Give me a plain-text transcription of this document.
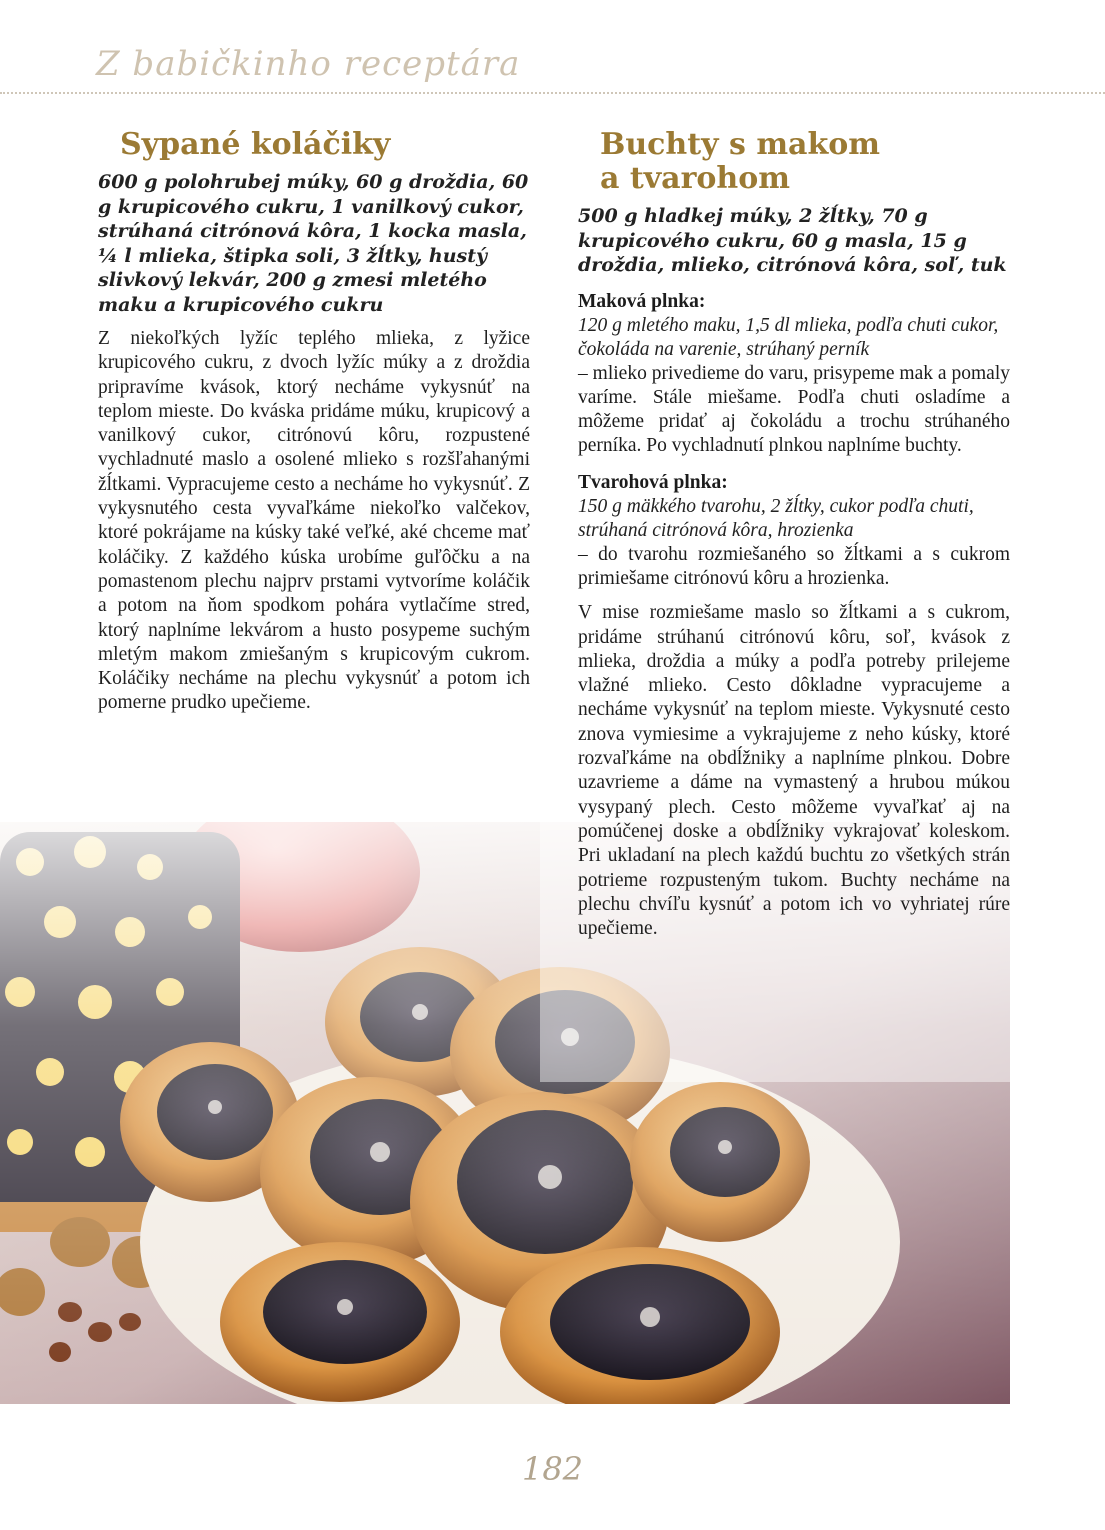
Z babičkinho receptára
Sypané koláčiky

600 g polohrubej múky, 60 g droždia, 60 g krupicového cukru, 1 vanilkový cukor, strúhaná citrónová kôra, 1 kocka masla, ¼ l mlieka, štipka soli, 3 žĺtky, hustý slivkový lekvár, 200 g zmesi mletého maku a krupicového cukru

Z niekoľkých lyžíc teplého mlieka, z lyžice krupicového cukru, z dvoch lyžíc múky a z droždia pripravíme kvások, ktorý necháme vykysnúť na teplom mieste. Do kváska pridáme múku, krupicový a vanilkový cukor, citrónovú kôru, rozpustené vychladnuté maslo a osolené mlieko s rozšľahanými žĺtkami. Vypracujeme cesto a necháme ho vykysnúť. Z vykysnutého cesta vyvaľkáme niekoľko valčekov, ktoré pokrájame na kúsky také veľké, aké chceme mať koláčiky. Z každého kúska urobíme guľôčku a na pomastenom plechu najprv prstami vytvoríme koláčik a potom na ňom spodkom pohára vytlačíme stred, ktorý naplníme lekvárom a husto posypeme suchým mletým makom zmiešaným s krupicovým cukrom. Koláčiky necháme na plechu vykysnúť a potom ich pomerne prudko upečieme.

Buchty s makom
a tvarohom

500 g hladkej múky, 2 žĺtky, 70 g krupicového cukru, 60 g masla, 15 g droždia, mlieko, citrónová kôra, soľ, tuk

Maková plnka:

120 g mletého maku, 1,5 dl mlieka, podľa chuti cukor, čokoláda na varenie, strúhaný perník

– mlieko privedieme do varu, prisypeme mak a pomaly varíme. Stále miešame. Podľa chuti osladíme a môžeme pridať aj čokoládu a trochu strúhaného perníka. Po vychladnutí plnkou naplníme buchty.

Tvarohová plnka:

150 g mäkkého tvarohu, 2 žĺtky, cukor podľa chuti, strúhaná citrónová kôra, hrozienka

– do tvarohu rozmiešaného so žĺtkami a s cukrom primiešame citrónovú kôru a hrozienka.

V mise rozmiešame maslo so žĺtkami a s cukrom, pridáme strúhanú citrónovú kôru, soľ, kvások z mlieka, droždia a múky a podľa potreby prilejeme vlažné mlieko. Cesto dôkladne vypracujeme a necháme vykysnúť na teplom mieste. Vykysnuté cesto znova vymiesime a vykrajujeme z neho kúsky, ktoré rozvaľkáme na obdĺžniky a naplníme plnkou. Dobre uzavrieme a dáme na vymastený a hrubou múkou vysypaný plech. Cesto môžeme vyvaľkať aj na pomúčenej doske a obdĺžniky vykrajovať koleskom. Pri ukladaní na plech každú buchtu zo všetkých strán potrieme rozpusteným tukom. Buchty necháme na plechu chvíľu kysnúť a potom ich vo vyhriatej rúre upečieme.

182
